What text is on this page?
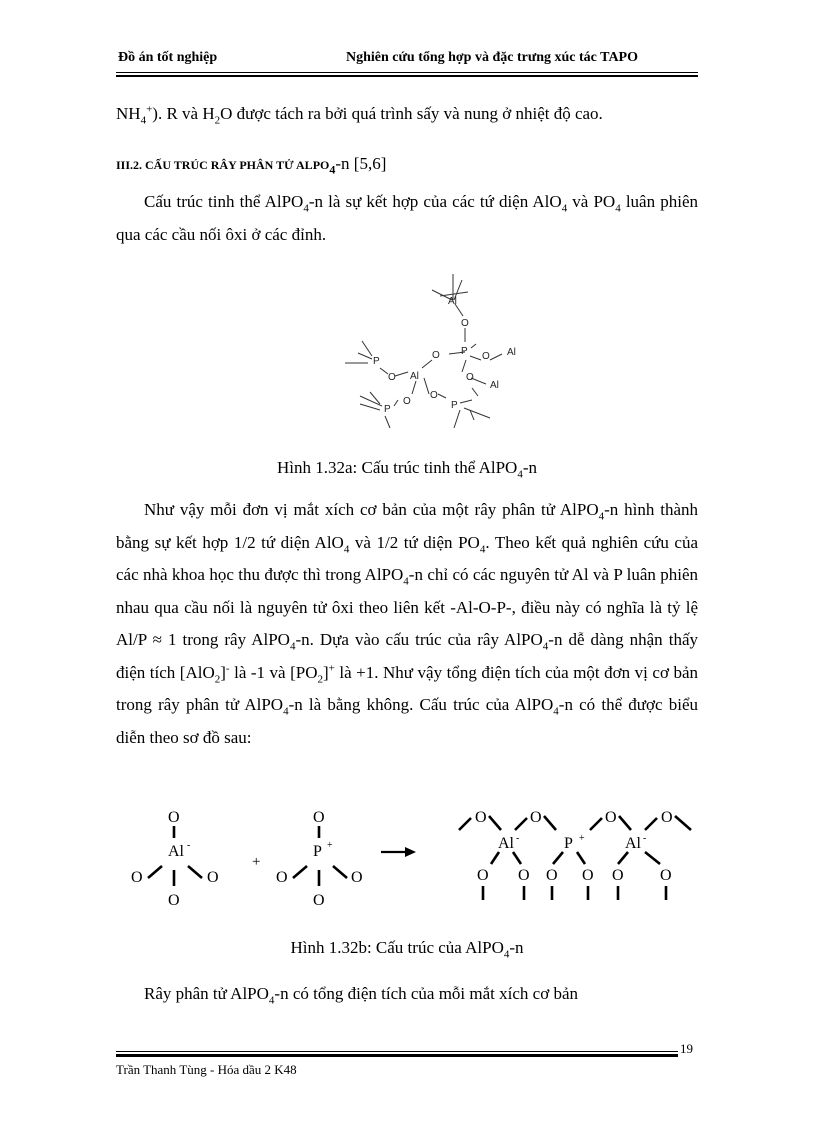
Đồ án tốt nghiệp	Nghiên cứu tổng hợp và đặc trưng xúc tác TAPO
$NH_4^+$). R và $H_2O$ được tách ra bởi quá trình sấy và nung ở nhiệt độ cao.
III.2. CẤU TRÚC RÂY PHÂN TỬ $ALPO_4-n$ [5,6]
Cấu trúc tinh thể AlPO$_4$-n là sự kết hợp của các tứ diện AlO$_4$ và $PO_4$ luân phiên qua các cầu nối ôxi ở các đỉnh.
Al
O
P O Al
P
O
Al
O Al	O
P
O
O
P
Hình 1.32a: Cấu trúc tinh thể AlPO$_4$-n
Như vậy mỗi đơn vị mắt xích cơ bản của một rây phân tử AlPO$_4$-n hình thành bằng sự kết hợp 1/2 tứ diện AlO$_4$ và 1/2 tứ diện $PO_4$. Theo kết quả nghiên cứu của các nhà khoa học thu được thì trong AlPO$_4$-n chỉ có các nguyên tử Al và P luân phiên nhau qua cầu nối là nguyên tử ôxi theo liên kết -Al-O-P-, điều này có nghĩa là tỷ lệ Al/P ≈ 1 trong rây AlPO$_4$-n. Dựa vào cấu trúc của rây AlPO$_4$-n dễ dàng nhận thấy điện tích [AlO$_2$]- là -1 và $[PO_2]^+$ là +1. Như vậy tổng điện tích của một đơn vị cơ bản trong rây phân tử AlPO$_4$-n là bằng không. Cấu trúc của AlPO$_4$-n có thể được biểu diễn theo sơ đồ sau:
O
Al -
O	O
O
+
O
P +
O	O
O
O	O	O	O
Al -	P +	Al -
O O O O O O
Hình 1.32b: Cấu trúc của AlPO$_4$-n
Rây phân tử AlPO$_4$-n có tổng điện tích của mỗi mắt xích cơ bản
19
Trần Thanh Tùng - Hóa dầu 2 K48
